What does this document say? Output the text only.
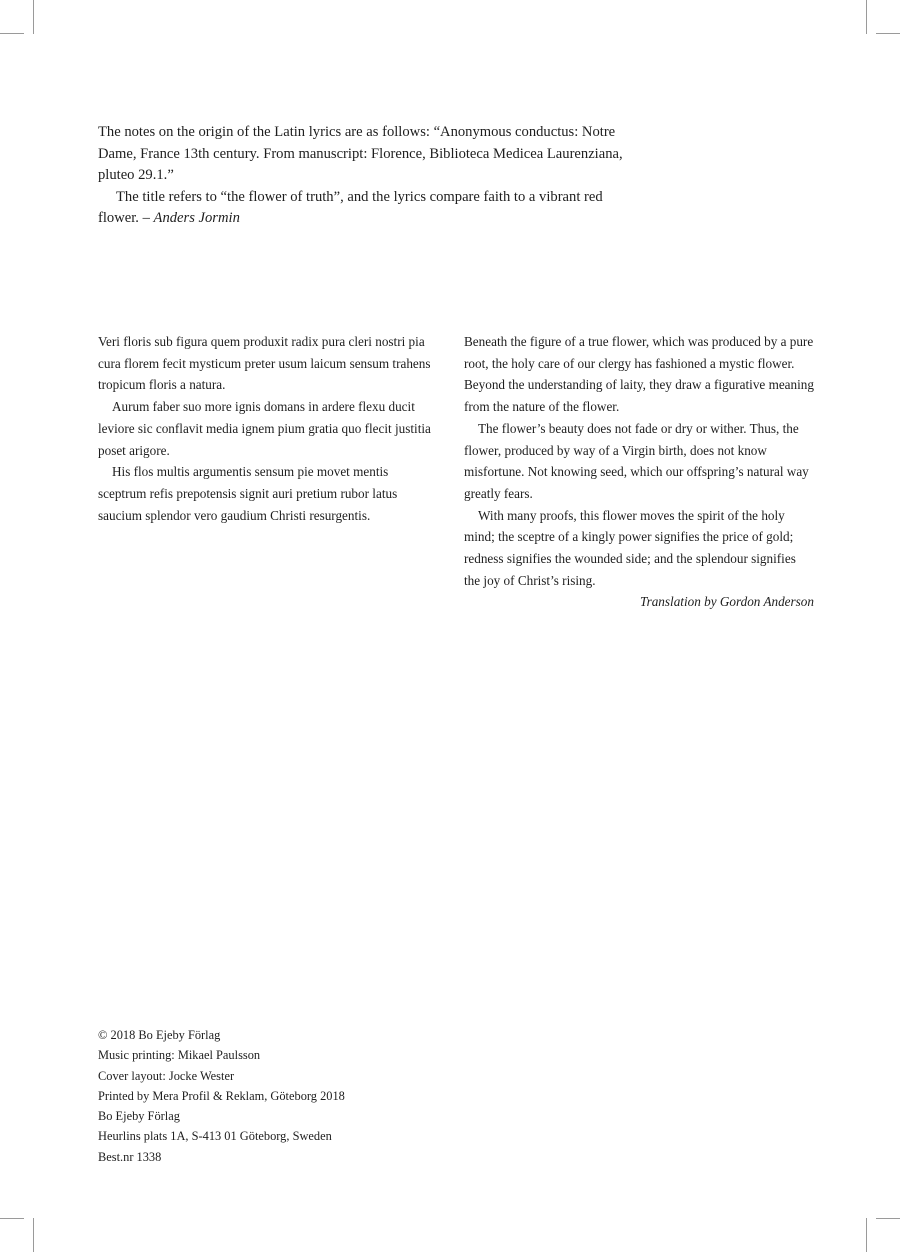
The notes on the origin of the Latin lyrics are as follows: “Anonymous conductus: Notre Dame, France 13th century. From manuscript: Florence, Biblioteca Medicea Laurenziana, pluteo 29.1.”

The title refers to “the flower of truth”, and the lyrics compare faith to a vibrant red flower. – Anders Jormin

Veri floris sub figura quem produxit radix pura cleri nostri pia cura florem fecit mysticum preter usum laicum sensum trahens tropicum floris a natura.

Aurum faber suo more ignis domans in ardere flexu ducit leviore sic conflavit media ignem pium gratia quo flecit justitia poset arigore.

His flos multis argumentis sensum pie movet mentis sceptrum refis prepotensis signit auri pretium rubor latus saucium splendor vero gaudium Christi resurgentis.

Beneath the figure of a true flower, which was produced by a pure root, the holy care of our clergy has fashioned a mystic flower. Beyond the understanding of laity, they draw a figurative meaning from the nature of the flower.

The flower’s beauty does not fade or dry or wither. Thus, the flower, produced by way of a Virgin birth, does not know misfortune. Not knowing seed, which our offspring’s natural way greatly fears.

With many proofs, this flower moves the spirit of the holy mind; the sceptre of a kingly power signifies the price of gold; redness signifies the wounded side; and the splendour signifies the joy of Christ’s rising.

Translation by Gordon Anderson
© 2018 Bo Ejeby Förlag
Music printing: Mikael Paulsson
Cover layout: Jocke Wester
Printed by Mera Profil & Reklam, Göteborg 2018
Bo Ejeby Förlag
Heurlins plats 1A, S-413 01 Göteborg, Sweden
Best.nr 1338
